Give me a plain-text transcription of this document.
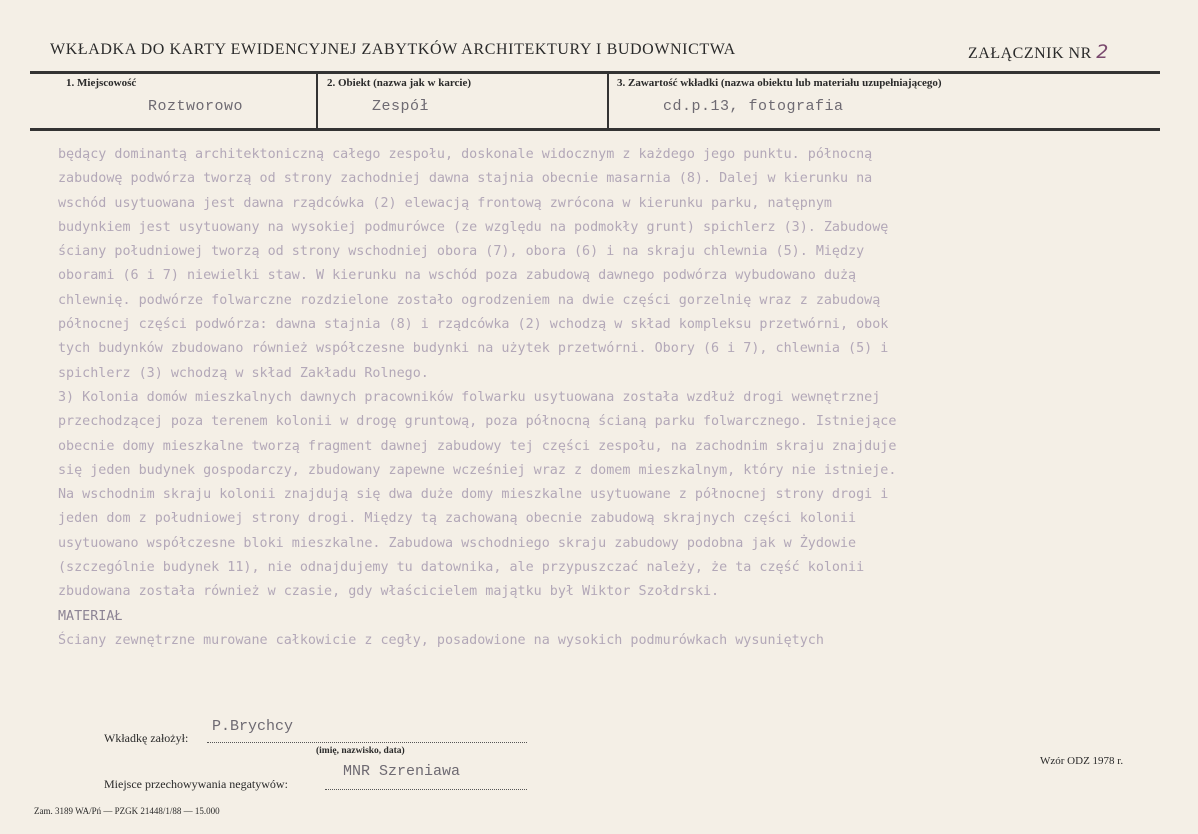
WKŁADKA DO KARTY EWIDENCYJNEJ ZABYTKÓW ARCHITEKTURY I BUDOWNICTWA	ZAŁĄCZNIK NR 2
1. Miejscowość
Roztworowo
2. Obiekt (nazwa jak w karcie)
Zespół
3. Zawartość wkładki (nazwa obiektu lub materiału uzupełniającego)
cd.p.13, fotografia
będący dominantą architektoniczną całego zespołu, doskonale widocznym z każdego jego punktu. północną
zabudowę podwórza tworzą od strony zachodniej dawna stajnia obecnie masarnia (8). Dalej w kierunku na
wschód usytuowana jest dawna rządcówka (2) elewacją frontową zwrócona w kierunku parku, natępnym
budynkiem jest usytuowany na wysokiej podmurówce (ze względu na podmokły grunt) spichlerz (3). Zabudowę
ściany południowej tworzą od strony wschodniej obora (7), obora (6) i na skraju chlewnia (5). Między
oborami (6 i 7) niewielki staw. W kierunku na wschód poza zabudową dawnego podwórza wybudowano dużą
chlewnię. podwórze folwarczne rozdzielone zostało ogrodzeniem na dwie części gorzelnię wraz z zabudową
północnej części podwórza: dawna stajnia (8) i rządcówka (2) wchodzą w skład kompleksu przetwórni, obok
tych budynków zbudowano również współczesne budynki na użytek przetwórni. Obory (6 i 7), chlewnia (5) i
spichlerz (3) wchodzą w skład Zakładu Rolnego.
3) Kolonia domów mieszkalnych dawnych pracowników folwarku usytuowana została wzdłuż drogi wewnętrznej
przechodzącej poza terenem kolonii w drogę gruntową, poza północną ścianą parku folwarcznego. Istniejące
obecnie domy mieszkalne tworzą fragment dawnej zabudowy tej części zespołu, na zachodnim skraju znajduje
się jeden budynek gospodarczy, zbudowany zapewne wcześniej wraz z domem mieszkalnym, który nie istnieje.
Na wschodnim skraju kolonii znajdują się dwa duże domy mieszkalne usytuowane z północnej strony drogi i
jeden dom z południowej strony drogi. Między tą zachowaną obecnie zabudową skrajnych części kolonii
usytuowano współczesne bloki mieszkalne. Zabudowa wschodniego skraju zabudowy podobna jak w Żydowie
(szczególnie budynek 11), nie odnajdujemy tu datownika, ale przypuszczać należy, że ta część kolonii
zbudowana została również w czasie, gdy właścicielem majątku był Wiktor Szołdrski.
MATERIAŁ
Ściany zewnętrzne murowane całkowicie z cegły, posadowione na wysokich podmurówkach wysuniętych
Wkładkę założył:
P.Brychcy
(imię, nazwisko, data)
Miejsce przechowywania negatywów:
MNR Szreniawa
Wzór ODZ 1978 r.
Zam. 3189 WA/Pń — PZGK 21448/1/88 — 15.000
